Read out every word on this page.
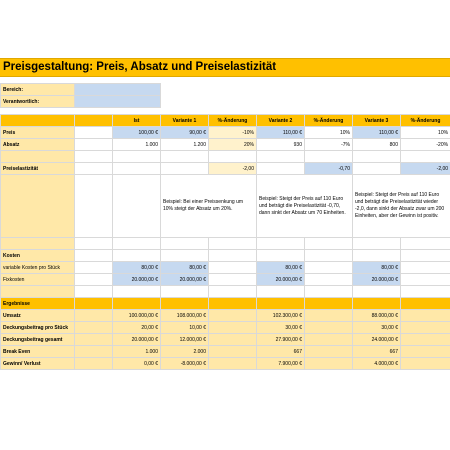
Preisgestaltung: Preis, Absatz und Preiselastizität

Bereich:								
Verantwortlich:								

		Ist	Variante 1	%-Änderung	Variante 2	%-Änderung	Variante 3	%-Änderung
Preis		100,00 €	90,00 €	-10%	110,00 €	10%	110,00 €	10%
Absatz		1.000	1.200	20%	930	-7%	800	-20%

Preiselastizität				-2,00		-0,70		-2,00
			Beispiel: Bei einer Preissenkung um 10% steigt der Absatz um 20%.		Beispiel: Steigt der Preis auf 110 Euro und beträgt die Preiselastizität -0,70, dann sinkt der Absatz um 70 Einheiten.		Beispiel: Steigt der Preis auf 110 Euro und beträgt die Preiselastizität wieder -2,0, dann sinkt der Absatz zwar um 200 Einheiten, aber der Gewinn ist positiv.	

Kosten								
variable Kosten pro Stück		80,00 €	80,00 €		80,00 €		80,00 €	
Fixkosten		20.000,00 €	20.000,00 €		20.000,00 €		20.000,00 €	

Ergebnisse								
Umsatz		100.000,00 €	108.000,00 €		102.300,00 €		88.000,00 €	
Deckungsbeitrag pro Stück		20,00 €	10,00 €		30,00 €		30,00 €	
Deckungsbeitrag gesamt		20.000,00 €	12.000,00 €		27.900,00 €		24.000,00 €	
Break Even		1.000	2.000		667		667	
Gewinn/ Verlust		0,00 €	-8.000,00 €		7.900,00 €		4.000,00 €	
